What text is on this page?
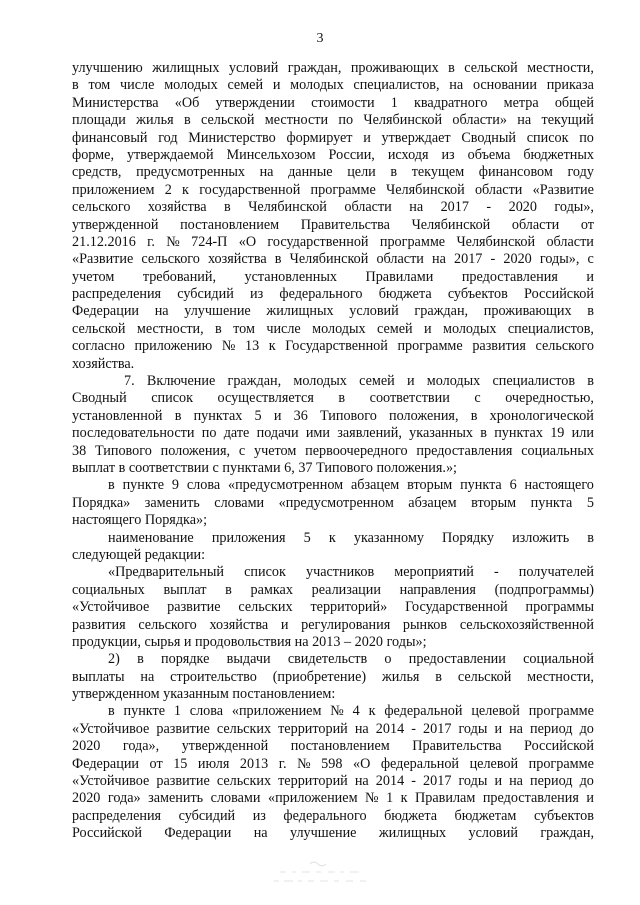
3
улучшению жилищных условий граждан, проживающих в сельской местности,
в том числе молодых семей и молодых специалистов, на основании приказа
Министерства «Об утверждении стоимости 1 квадратного метра общей
площади жилья в сельской местности по Челябинской области» на текущий
финансовый год Министерство формирует и утверждает Сводный список по
форме, утверждаемой Минсельхозом России, исходя из объема бюджетных
средств, предусмотренных на данные цели в текущем финансовом году
приложением 2 к государственной программе Челябинской области «Развитие
сельского хозяйства в Челябинской области на 2017 - 2020 годы»,
утвержденной постановлением Правительства Челябинской области от
21.12.2016 г. № 724-П «О государственной программе Челябинской области
«Развитие сельского хозяйства в Челябинской области на 2017 - 2020 годы», с
учетом требований, установленных Правилами предоставления и
распределения субсидий из федерального бюджета субъектов Российской
Федерации на улучшение жилищных условий граждан, проживающих в
сельской местности, в том числе молодых семей и молодых специалистов,
согласно приложению № 13 к Государственной программе развития сельского
хозяйства.
7. Включение граждан, молодых семей и молодых специалистов в
Сводный список осуществляется в соответствии с очередностью,
установленной в пунктах 5 и 36 Типового положения, в хронологической
последовательности по дате подачи ими заявлений, указанных в пунктах 19 или
38 Типового положения, с учетом первоочередного предоставления социальных
выплат в соответствии с пунктами 6, 37 Типового положения.»;
в пункте 9 слова «предусмотренном абзацем вторым пункта 6 настоящего
Порядка» заменить словами «предусмотренном абзацем вторым пункта 5
настоящего Порядка»;
наименование приложения 5 к указанному Порядку изложить в
следующей редакции:
«Предварительный список участников мероприятий - получателей
социальных выплат в рамках реализации направления (подпрограммы)
«Устойчивое развитие сельских территорий» Государственной программы
развития сельского хозяйства и регулирования рынков сельскохозяйственной
продукции, сырья и продовольствия на 2013 – 2020 годы»;
2) в порядке выдачи свидетельств о предоставлении социальной
выплаты на строительство (приобретение) жилья в сельской местности,
утвержденном указанным постановлением:
в пункте 1 слова «приложением № 4 к федеральной целевой программе
«Устойчивое развитие сельских территорий на 2014 - 2017 годы и на период до
2020 года», утвержденной постановлением Правительства Российской
Федерации от 15 июля 2013 г. № 598 «О федеральной целевой программе
«Устойчивое развитие сельских территорий на 2014 - 2017 годы и на период до
2020 года» заменить словами «приложением № 1 к Правилам предоставления и
распределения субсидий из федерального бюджета бюджетам субъектов
Российской Федерации на улучшение жилищных условий граждан,
